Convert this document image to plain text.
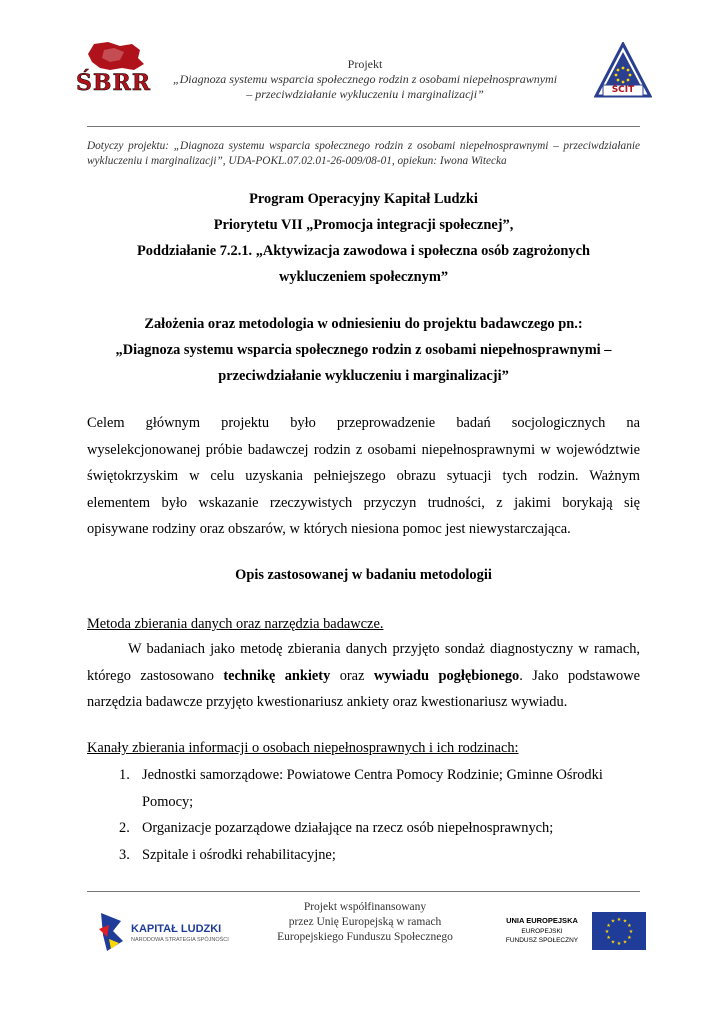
ŚBRR
Projekt
„Diagnoza systemu wsparcia społecznego rodzin z osobami niepełnosprawnymi
– przeciwdziałanie wykluczeniu i marginalizacji”	ŚCIT
Dotyczy projektu: „Diagnoza systemu wsparcia społecznego rodzin z osobami niepełnosprawnymi – przeciwdziałanie wykluczeniu i marginalizacji”, UDA-POKL.07.02.01-26-009/08-01, opiekun: Iwona Witecka
Program Operacyjny Kapitał Ludzki
Priorytetu VII „Promocja integracji społecznej”,
Poddziałanie 7.2.1. „Aktywizacja zawodowa i społeczna osób zagrożonych
wykluczeniem społecznym”
Założenia oraz metodologia w odniesieniu do projektu badawczego pn.:
„Diagnoza systemu wsparcia społecznego rodzin z osobami niepełnosprawnymi –
przeciwdziałanie wykluczeniu i marginalizacji”
Celem głównym projektu było przeprowadzenie badań socjologicznych na
wyselekcjonowanej próbie badawczej rodzin z osobami niepełnosprawnymi w województwie
świętokrzyskim w celu uzyskania pełniejszego obrazu sytuacji tych rodzin. Ważnym
elementem było wskazanie rzeczywistych przyczyn trudności, z jakimi borykają się
opisywane rodziny oraz obszarów, w których niesiona pomoc jest niewystarczająca.
Opis zastosowanej w badaniu metodologii
Metoda zbierania danych oraz narzędzia badawcze.
W badaniach jako metodę zbierania danych przyjęto sondaż diagnostyczny w ramach,
którego zastosowano technikę ankiety oraz wywiadu pogłębionego. Jako podstawowe
narzędzia badawcze przyjęto kwestionariusz ankiety oraz kwestionariusz wywiadu.
Kanały zbierania informacji o osobach niepełnosprawnych i ich rodzinach:
1. Jednostki samorządowe: Powiatowe Centra Pomocy Rodzinie; Gminne Ośrodki
Pomocy;
2. Organizacje pozarządowe działające na rzecz osób niepełnosprawnych;
3. Szpitale i ośrodki rehabilitacyjne;
KAPITAŁ LUDZKI
NARODOWA STRATEGIA SPÓJNOŚCI
Projekt współfinansowany
przez Unię Europejską w ramach
Europejskiego Funduszu Społecznego
UNIA EUROPEJSKA
EUROPEJSKI
FUNDUSZ SPOŁECZNY
★ ★
★
★
★
★
★
★
★
★
★
★
